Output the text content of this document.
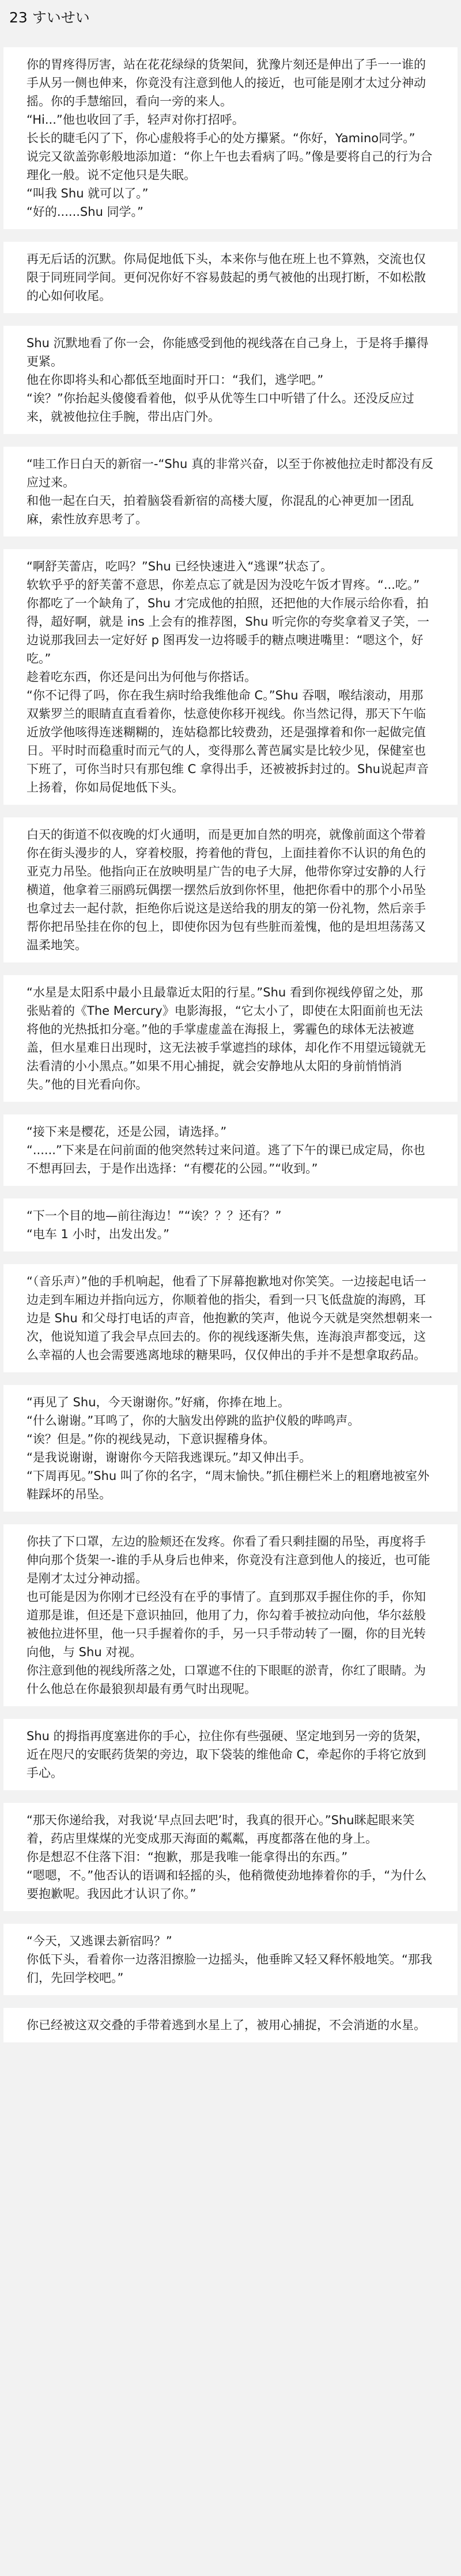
23 すいせい

你的胃疼得厉害，站在花花绿绿的货架间，犹豫片刻还是伸出了手一一谁的手从另一侧也伸来，你竟没有注意到他人的接近，也可能是刚才太过分神动摇。你的手慧缩回，看向一旁的来人。

“Hi...”他也收回了手，轻声对你打招呼。

长长的睫毛闪了下，你心虚般将手心的处方攥紧。“你好，Yamino同学。”

说完又欲盖弥彰般地添加道：“你上午也去看病了吗。”像是要将自己的行为合理化一般。说不定他只是失眠。

“叫我 Shu 就可以了。”

“好的......Shu 同学。”

再无后话的沉默。你局促地低下头，本来你与他在班上也不算熟，交流也仅限于同班同学间。更何况你好不容易鼓起的勇气被他的出现打断，不如松散的心如何收尾。

Shu 沉默地看了你一会，你能感受到他的视线落在自己身上，于是将手攥得更紧。

他在你即将头和心都低至地面时开口：“我们，逃学吧。”

“诶？”你抬起头傻傻看着他，似乎从优等生口中听错了什么。还没反应过来，就被他拉住手腕，带出店门外。

“哇工作日白天的新宿一-“Shu 真的非常兴奋，以至于你被他拉走时都没有反应过来。

和他一起在白天，拍着脑袋看新宿的高楼大厦，你混乱的心神更加一团乱麻，索性放弃思考了。

“啊舒芙蕾店，吃吗？”Shu 已经快速进入“逃课”状态了。

软软乎乎的舒芙蕾不意思，你差点忘了就是因为没吃午饭才胃疼。“...吃。”

你都吃了一个缺角了，Shu 才完成他的拍照，还把他的大作展示给你看，拍得，超好啊，就是 ins 上会有的推荐图，Shu 听完你的夸奖拿着叉子笑，一边说那我回去一定好好 p 图再发一边将暖手的糖点噢进嘴里：“嗯这个，好吃。”

趁着吃东西，你还是问出为何他与你搭话。

“你不记得了吗，你在我生病时给我维他命 C。”Shu 吞咽，喉结滚动，用那双紫罗兰的眼睛直直看着你，怯意使你移开视线。你当然记得，那天下午临近放学他咳得连迷糊糊的，连姑稳都比较费劲，还是强撑着和你一起做完值日。平时时而稳重时而元气的人，变得那么菁芭属实是比较少见，保健室也下班了，可你当时只有那包维 C 拿得出手，还被被拆封过的。Shu说起声音上扬着，你如局促地低下头。

白天的街道不似夜晚的灯火通明，而是更加自然的明亮，就像前面这个带着你在街头漫步的人，穿着校服，挎着他的背包，上面挂着你不认识的角色的亚克力吊坠。他指向正在放映明星广告的电子大屏，他带你穿过安静的人行横道，他拿着三丽鸥玩偶摆一摆然后放到你怀里，他把你看中的那个小吊坠也拿过去一起付款，拒绝你后说这是送给我的朋友的第一份礼物，然后亲手帮你把吊坠挂在你的包上，即使你因为包有些脏而羞愧，他的是坦坦荡荡又温柔地笑。

“水星是太阳系中最小且最靠近太阳的行星。”Shu 看到你视线停留之处，那张贴着的《The Mercury》电影海报，“它太小了，即使在太阳面前也无法将他的光热抵扣分毫。”他的手掌虚虚盖在海报上，雾霾色的球体无法被遮盖，但水星难日出现时，这无法被手掌遮挡的球体，却化作不用望远镜就无法看清的小小黑点。”如果不用心捕捉，就会安静地从太阳的身前悄悄消失。”他的目光看向你。

“接下来是樱花，还是公园，请选择。”

“......”下来是在问前面的他突然转过来问道。逃了下午的课已成定局，你也不想再回去，于是作出选择：“有樱花的公园。”“收到。”

“下一个目的地—前往海边！”“诶？？？还有？”

“电车 1 小时，出发出发。”

“（音乐声）”他的手机响起，他看了下屏幕抱歉地对你笑笑。一边接起电话一边走到车厢边并指向远方，你顺着他的指尖，看到一只飞低盘旋的海鸥，耳边是 Shu 和父母打电话的声音，他抱歉的笑声，他说今天就是突然想朝来一次，他说知道了我会早点回去的。你的视线逐渐失焦，连海浪声都变远，这么幸福的人也会需要逃离地球的糖果吗，仅仅伸出的手并不是想拿取药品。

“再见了 Shu，今天谢谢你。”好痛，你捧在地上。

“什么谢谢。”耳鸣了，你的大脑发出停跳的监护仪般的哔鸣声。

“诶？但是。”你的视线晃动，下意识握稽身体。

“是我说谢谢，谢谢你今天陪我逃课玩。”却又伸出手。

“下周再见。”Shu 叫了你的名字，“周末愉快。”抓住棚栏米上的粗磨地被室外鞋踩坏的吊坠。

你扶了下口罩，左边的脸颊还在发疼。你看了看只剩挂圈的吊坠，再度将手伸向那个货架一-谁的手从身后也伸来，你竟没有注意到他人的接近，也可能是刚才太过分神动摇。

也可能是因为你刚才已经没有在乎的事情了。直到那双手握住你的手，你知道那是谁，但还是下意识抽回，他用了力，你勾着手被拉动向他，华尔兹般被他拉进怀里，他一只手握着你的手，另一只手带动转了一圈，你的目光转向他，与 Shu 对视。

你注意到他的视线所落之处，口罩遮不住的下眼眶的淤青，你红了眼睛。为什么他总在你最狼狈却最有勇气时出现呢。

Shu 的拇指再度塞进你的手心，拉住你有些强硬、坚定地到另一旁的货架，近在咫尺的安眠药货架的旁边，取下袋装的维他命 C，牵起你的手将它放到手心。

“那天你递给我，对我说‘早点回去吧’时，我真的很开心。”Shu眯起眼来笑着，药店里煤煤的光变成那天海面的粼粼，再度都落在他的身上。

你是想忍不住落下泪：“抱歉，那是我唯一能拿得出的东西。”

“嗯嗯，不。”他否认的语调和轻摇的头，他稍微使劲地捧着你的手，“为什么要抱歉呢。我因此才认识了你。”

“今天，又逃课去新宿吗？”

你低下头，看着你一边落泪擦脸一边摇头，他垂眸又轻又释怀般地笑。“那我们，先回学校吧。”

你已经被这双交叠的手带着逃到水星上了，被用心捕捉，不会消逝的水星。
